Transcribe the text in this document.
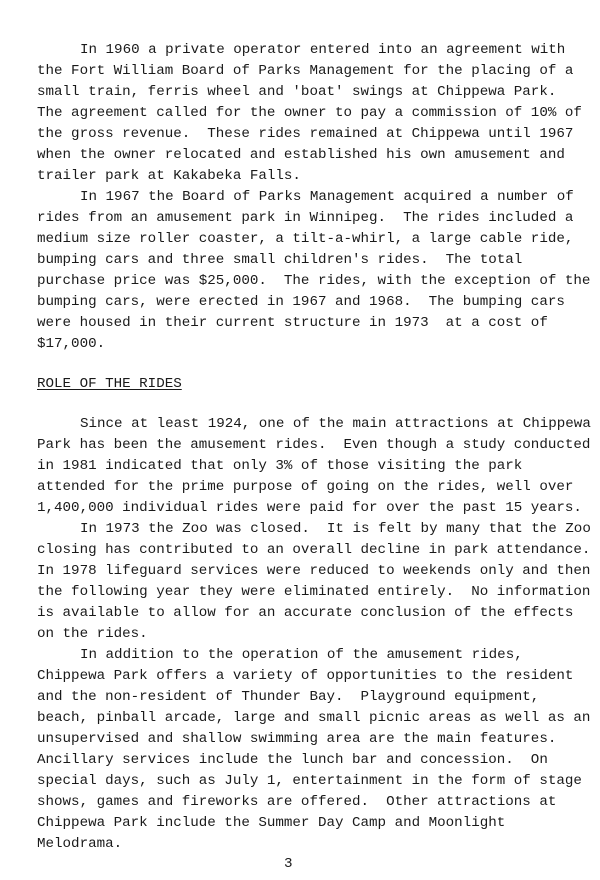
In 1960 a private operator entered into an agreement with
the Fort William Board of Parks Management for the placing of a
small train, ferris wheel and 'boat' swings at Chippewa Park.
The agreement called for the owner to pay a commission of 10% of
the gross revenue.  These rides remained at Chippewa until 1967
when the owner relocated and established his own amusement and
trailer park at Kakabeka Falls.
In 1967 the Board of Parks Management acquired a number of
rides from an amusement park in Winnipeg.  The rides included a
medium size roller coaster, a tilt-a-whirl, a large cable ride,
bumping cars and three small children's rides.  The total
purchase price was $25,000.  The rides, with the exception of the
bumping cars, were erected in 1967 and 1968.  The bumping cars
were housed in their current structure in 1973  at a cost of
$17,000.
ROLE OF THE RIDES
Since at least 1924, one of the main attractions at Chippewa
Park has been the amusement rides.  Even though a study conducted
in 1981 indicated that only 3% of those visiting the park
attended for the prime purpose of going on the rides, well over
1,400,000 individual rides were paid for over the past 15 years.
In 1973 the Zoo was closed.  It is felt by many that the Zoo
closing has contributed to an overall decline in park attendance.
In 1978 lifeguard services were reduced to weekends only and then
the following year they were eliminated entirely.  No information
is available to allow for an accurate conclusion of the effects
on the rides.
In addition to the operation of the amusement rides,
Chippewa Park offers a variety of opportunities to the resident
and the non-resident of Thunder Bay.  Playground equipment,
beach, pinball arcade, large and small picnic areas as well as an
unsupervised and shallow swimming area are the main features.
Ancillary services include the lunch bar and concession.  On
special days, such as July 1, entertainment in the form of stage
shows, games and fireworks are offered.  Other attractions at
Chippewa Park include the Summer Day Camp and Moonlight
Melodrama.
3
